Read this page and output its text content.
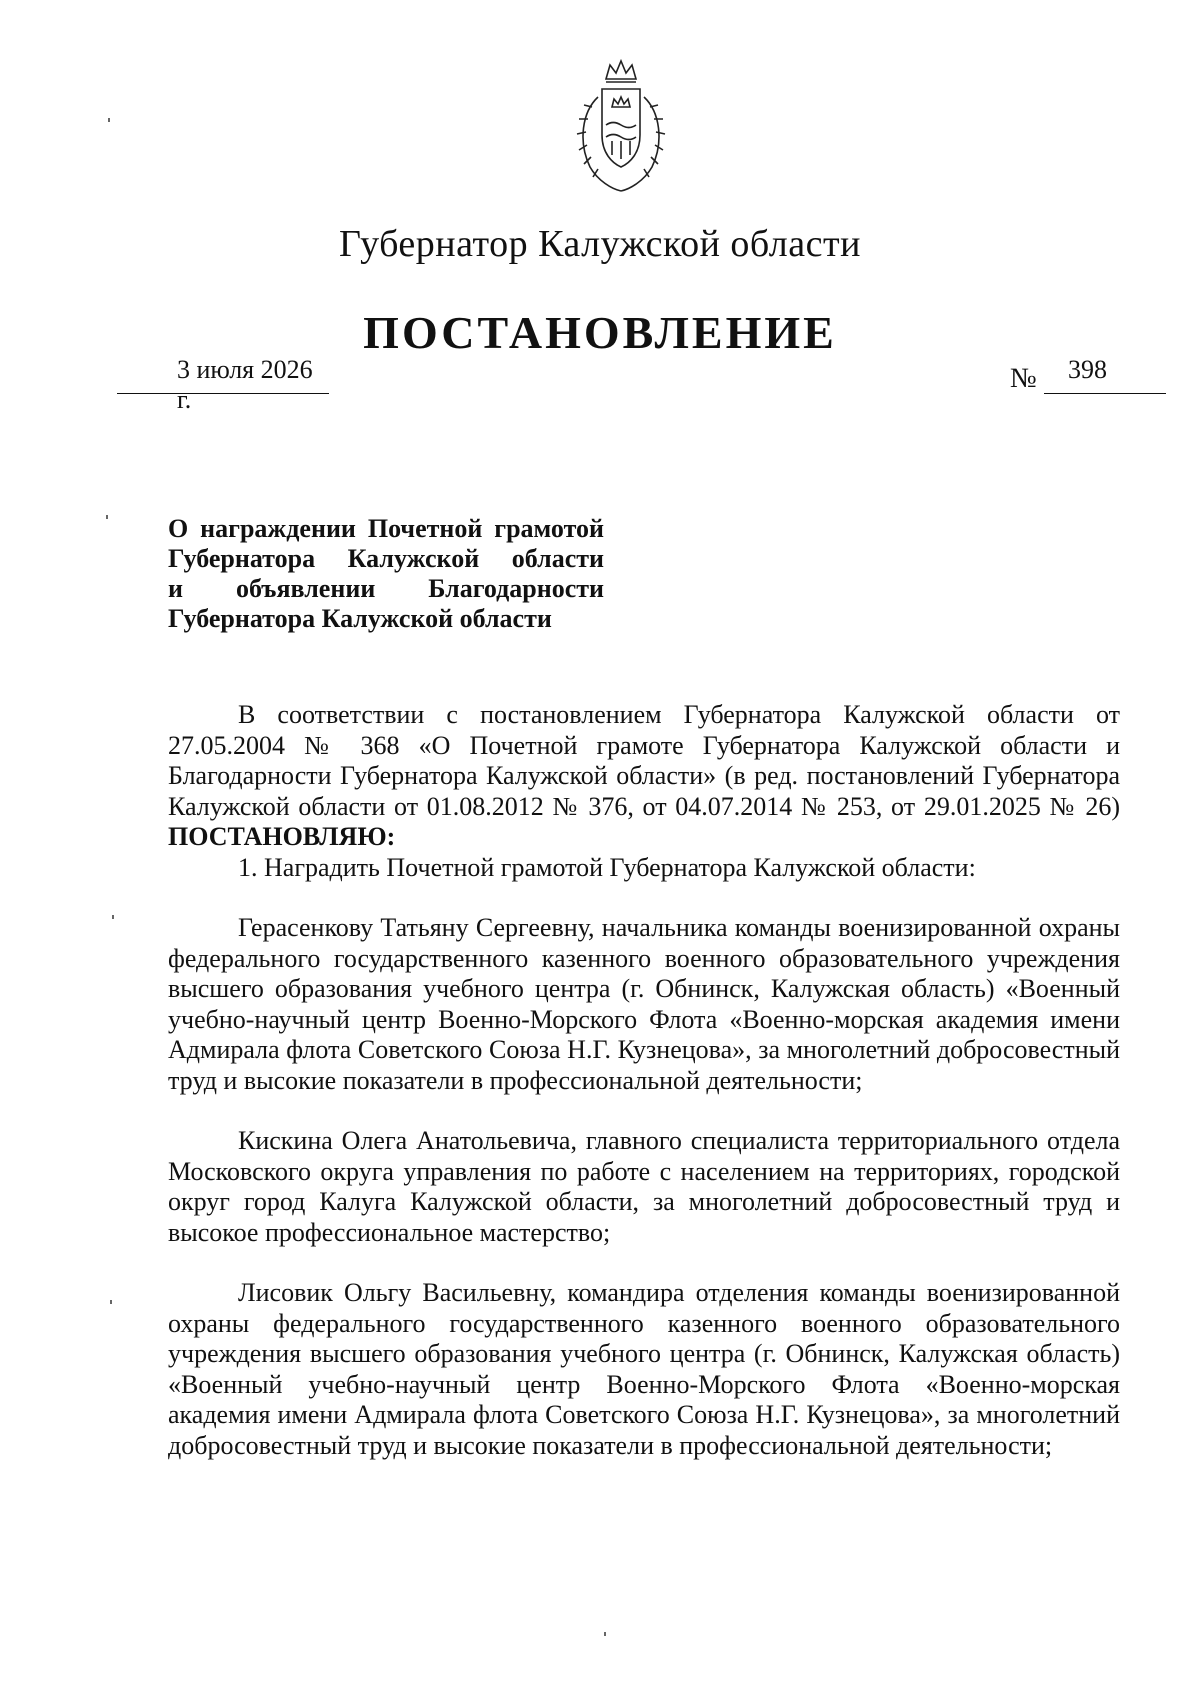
Губернатор Калужской области
ПОСТАНОВЛЕНИЕ
3 июля 2026 г.
№ 398
О награждении Почетной грамотой
Губернатора Калужской области
и объявлении Благодарности
Губернатора Калужской области

В соответствии с постановлением Губернатора Калужской области от 27.05.2004 № 368 «О Почетной грамоте Губернатора Калужской области и Благодарности Губернатора Калужской области» (в ред. постановлений Губернатора Калужской области от 01.08.2012 № 376, от 04.07.2014 № 253, от 29.01.2025 № 26) ПОСТАНОВЛЯЮ:

1. Наградить Почетной грамотой Губернатора Калужской области:

Герасенкову Татьяну Сергеевну, начальника команды военизированной охраны федерального государственного казенного военного образовательного учреждения высшего образования учебного центра (г. Обнинск, Калужская область) «Военный учебно-научный центр Военно-Морского Флота «Военно-морская академия имени Адмирала флота Советского Союза Н.Г. Кузнецова», за многолетний добросовестный труд и высокие показатели в профессиональной деятельности;

Кискина Олега Анатольевича, главного специалиста территориального отдела Московского округа управления по работе с населением на территориях, городской округ город Калуга Калужской области, за многолетний добросовестный труд и высокое профессиональное мастерство;

Лисовик Ольгу Васильевну, командира отделения команды военизированной охраны федерального государственного казенного военного образовательного учреждения высшего образования учебного центра (г. Обнинск, Калужская область) «Военный учебно-научный центр Военно-Морского Флота «Военно-морская академия имени Адмирала флота Советского Союза Н.Г. Кузнецова», за многолетний добросовестный труд и высокие показатели в профессиональной деятельности;
